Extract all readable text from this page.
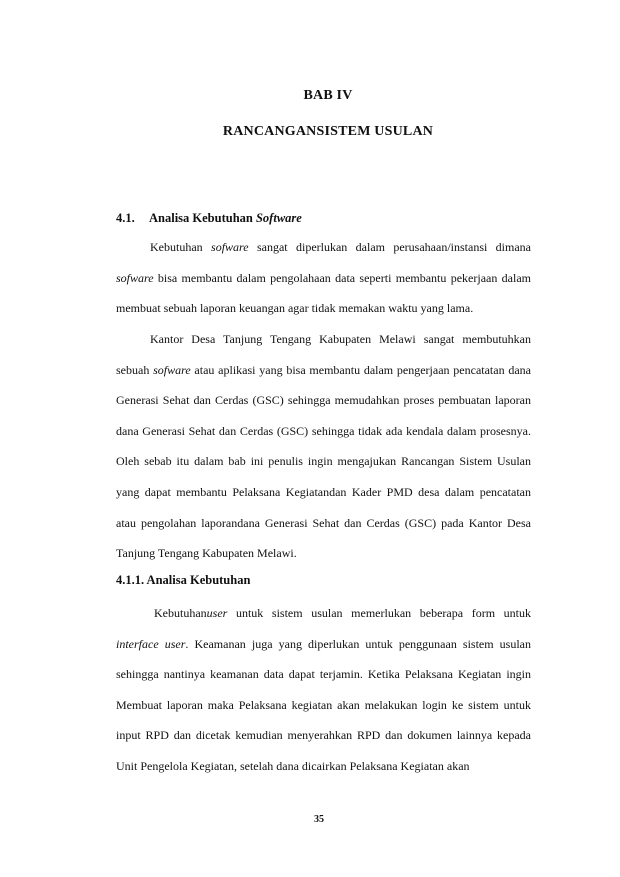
BAB IV
RANCANGANSISTEM USULAN
4.1. Analisa Kebutuhan Software

Kebutuhan sofware sangat diperlukan dalam perusahaan/instansi dimana sofware bisa membantu dalam pengolahaan data seperti membantu pekerjaan dalam membuat sebuah laporan keuangan agar tidak memakan waktu yang lama.

Kantor Desa Tanjung Tengang Kabupaten Melawi sangat membutuhkan sebuah sofware atau aplikasi yang bisa membantu dalam pengerjaan pencatatan dana Generasi Sehat dan Cerdas (GSC) sehingga memudahkan proses pembuatan laporan dana Generasi Sehat dan Cerdas (GSC) sehingga tidak ada kendala dalam prosesnya. Oleh sebab itu dalam bab ini penulis ingin mengajukan Rancangan Sistem Usulan yang dapat membantu Pelaksana Kegiatandan Kader PMD desa dalam pencatatan atau pengolahan laporandana Generasi Sehat dan Cerdas (GSC) pada Kantor Desa Tanjung Tengang Kabupaten Melawi.

4.1.1. Analisa Kebutuhan

Kebutuhanuser untuk sistem usulan memerlukan beberapa form untuk interface user. Keamanan juga yang diperlukan untuk penggunaan sistem usulan sehingga nantinya keamanan data dapat terjamin. Ketika Pelaksana Kegiatan ingin Membuat laporan maka Pelaksana kegiatan akan melakukan login ke sistem untuk input RPD dan dicetak kemudian menyerahkan RPD dan dokumen lainnya kepada Unit Pengelola Kegiatan, setelah dana dicairkan Pelaksana Kegiatan akan

35
